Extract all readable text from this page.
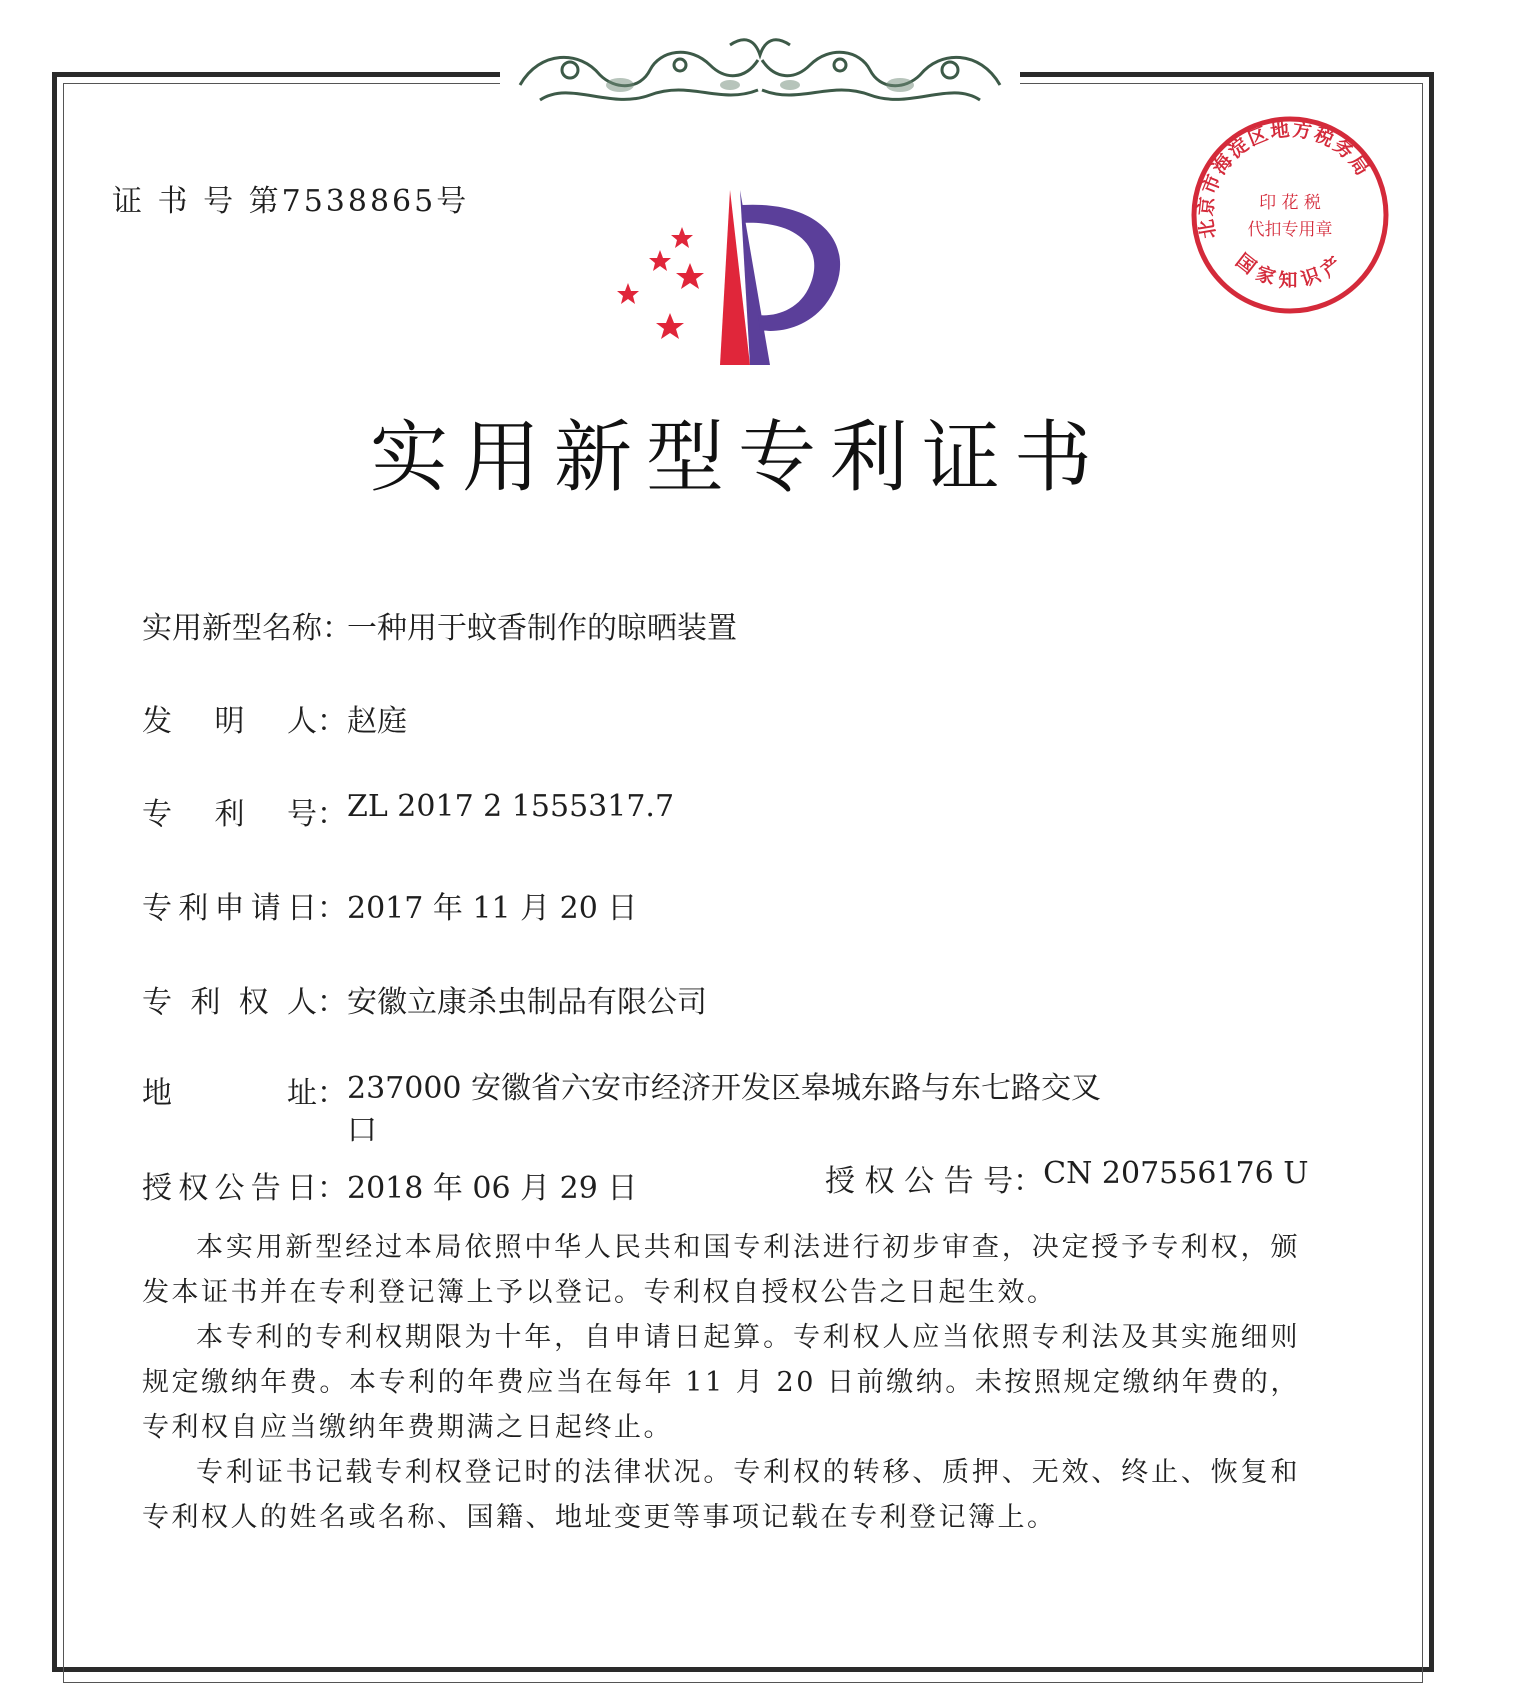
证 书 号 第7538865号
北京市海淀区地方税务局
国家知识产
印 花 税
代扣专用章
实用新型专利证书
实用新型名称：
一种用于蚊香制作的晾晒装置
发 明 人 ： 赵庭
专 利 号 ： ZL 2017 2 1555317.7
专 利 申 请 日 ： 2017 年 11 月 20 日
专 利 权 人 ： 安徽立康杀虫制品有限公司
地	址 ： 237000 安徽省六安市经济开发区皋城东路与东七路交叉口
授 权 公 告 日 ： 2018 年 06 月 29 日	授 权 公 告 号： CN 207556176 U

本实用新型经过本局依照中华人民共和国专利法进行初步审查，决定授予专利权，颁发本证书并在专利登记簿上予以登记。专利权自授权公告之日起生效。

本专利的专利权期限为十年，自申请日起算。专利权人应当依照专利法及其实施细则规定缴纳年费。本专利的年费应当在每年 11 月 20 日前缴纳。未按照规定缴纳年费的，专利权自应当缴纳年费期满之日起终止。

专利证书记载专利权登记时的法律状况。专利权的转移、质押、无效、终止、恢复和专利权人的姓名或名称、国籍、地址变更等事项记载在专利登记簿上。
